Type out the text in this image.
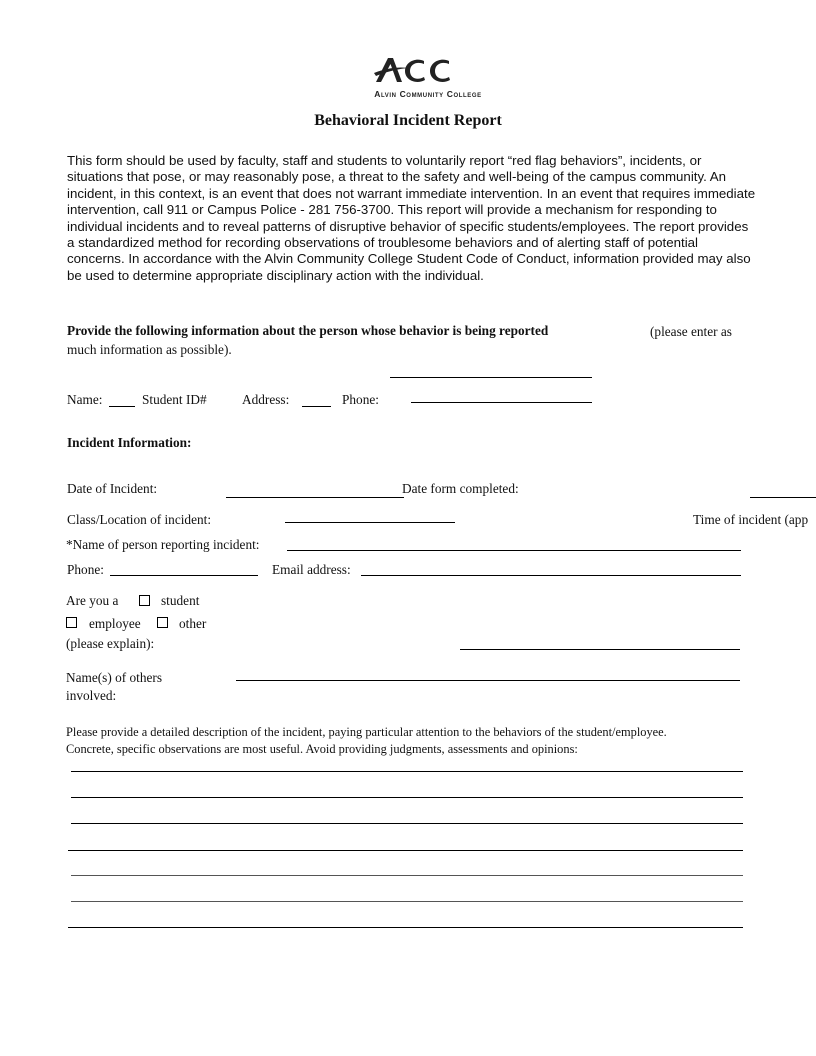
Alvin Community College
Behavioral Incident Report
This form should be used by faculty, staff and students to voluntarily report “red flag behaviors”, incidents, or situations that pose, or may reasonably pose, a threat to the safety and well-being of the campus community. An incident, in this context, is an event that does not warrant immediate intervention. In an event that requires immediate intervention, call 911 or Campus Police - 281 756-3700. This report will provide a mechanism for responding to individual incidents and to reveal patterns of disruptive behavior of specific students/employees. The report provides a standardized method for recording observations of troublesome behaviors and of alerting staff of potential concerns. In accordance with the Alvin Community College Student Code of Conduct, information provided may also be used to determine appropriate disciplinary action with the individual.
Provide the following information about the person whose behavior is being reported	(please enter as
much information as possible).
Name:	Student ID#	Address:	Phone:
Incident Information:
Date of Incident:	Date form completed:
Class/Location of incident:	Time of incident (app
*Name of person reporting incident:
Phone:	Email address:
Are you a	student
employee	other
(please explain):
Name(s) of others
involved:
Please provide a detailed description of the incident, paying particular attention to the behaviors of the student/employee.
Concrete, specific observations are most useful. Avoid providing judgments, assessments and opinions:
